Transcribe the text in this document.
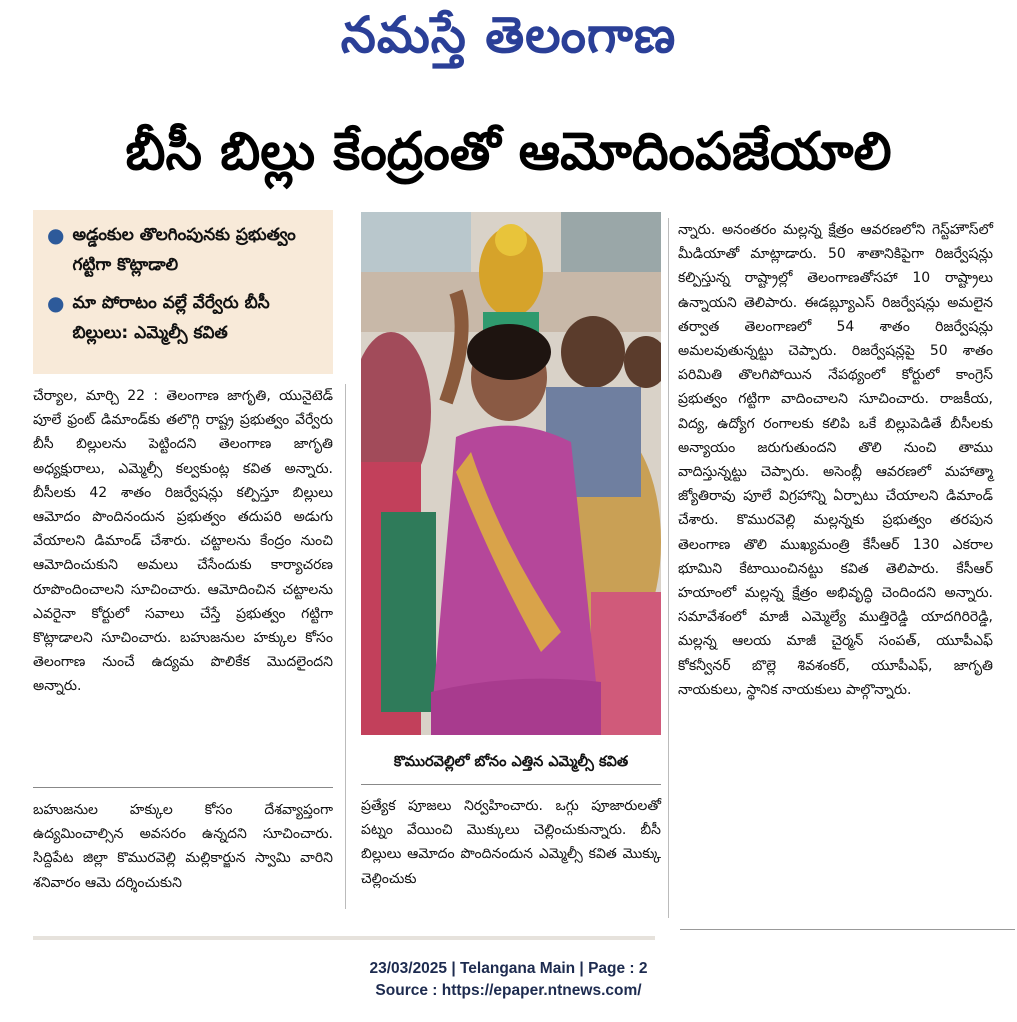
నమస్తే తెలంగాణ
బీసీ బిల్లు కేంద్రంతో ఆమోదింపజేయాలి
● అడ్డంకుల తొలగింపునకు ప్రభుత్వం గట్టిగా కొట్లాడాలి
● మా పోరాటం వల్లే వేర్వేరు బీసీ బిల్లులు: ఎమ్మెల్సీ కవిత

చేర్యాల, మార్చి 22 : తెలంగాణ జాగృతి, యునైటెడ్ పూలే ఫ్రంట్ డిమాండ్‌కు తలొగ్గి రాష్ట్ర ప్రభుత్వం వేర్వేరు బీసీ బిల్లులను పెట్టిందని తెలంగాణ జాగృతి అధ్యక్షురాలు, ఎమ్మెల్సీ కల్వకుంట్ల కవిత అన్నారు. బీసీలకు 42 శాతం రిజర్వేషన్లు కల్పిస్తూ బిల్లులు ఆమోదం పొందినందున ప్రభుత్వం తదుపరి అడుగు వేయాలని డిమాండ్ చేశారు. చట్టాలను కేంద్రం నుంచి ఆమోదించుకుని అమలు చేసేందుకు కార్యాచరణ రూపొందించాలని సూచించారు. ఆమోదించిన చట్టాలను ఎవరైనా కోర్టులో సవాలు చేస్తే ప్రభుత్వం గట్టిగా కొట్లాడాలని సూచించారు. బహుజనుల హక్కుల కోసం తెలంగాణ నుంచే ఉద్యమ పొలికేక మొదలైందని అన్నారు.

బహుజనుల హక్కుల కోసం దేశవ్యాప్తంగా ఉద్యమించాల్సిన అవసరం ఉన్నదని సూచించారు. సిద్దిపేట జిల్లా కొమురవెల్లి మల్లికార్జున స్వామి వారిని శనివారం ఆమె దర్శించుకుని

కొమురవెల్లిలో బోనం ఎత్తిన ఎమ్మెల్సీ కవిత

ప్రత్యేక పూజలు నిర్వహించారు. ఒగ్గు పూజారులతో పట్నం వేయించి మొక్కులు చెల్లించుకున్నారు. బీసీ బిల్లులు ఆమోదం పొందినందున ఎమ్మెల్సీ కవిత మొక్కు చెల్లించుకు

న్నారు. అనంతరం మల్లన్న క్షేత్రం ఆవరణలోని గెస్ట్‌హౌస్‌లో మీడియాతో మాట్లాడారు. 50 శాతానికిపైగా రిజర్వేషన్లు కల్పిస్తున్న రాష్ట్రాల్లో తెలంగాణతోసహా 10 రాష్ట్రాలు ఉన్నాయని తెలిపారు. ఈడబ్ల్యూఎస్ రిజర్వేషన్లు అమలైన తర్వాత తెలంగాణలో 54 శాతం రిజర్వేషన్లు అమలవుతున్నట్టు చెప్పారు. రిజర్వేషన్లపై 50 శాతం పరిమితి తొలగిపోయిన నేపథ్యంలో కోర్టులో కాంగ్రెస్ ప్రభుత్వం గట్టిగా వాదించాలని సూచించారు. రాజకీయ, విద్య, ఉద్యోగ రంగాలకు కలిపి ఒకే బిల్లుపెడితే బీసీలకు అన్యాయం జరుగుతుందని తొలి నుంచి తాము వాదిస్తున్నట్టు చెప్పారు. అసెంబ్లీ ఆవరణలో మహాత్మా జ్యోతిరావు పూలే విగ్రహాన్ని ఏర్పాటు చేయాలని డిమాండ్ చేశారు. కొమురవెల్లి మల్లన్నకు ప్రభుత్వం తరపున తెలంగాణ తొలి ముఖ్యమంత్రి కేసీఆర్ 130 ఎకరాల భూమిని కేటాయించినట్టు కవిత తెలిపారు. కేసీఆర్ హయాంలో మల్లన్న క్షేత్రం అభివృద్ధి చెందిందని అన్నారు. సమావేశంలో మాజీ ఎమ్మెల్యే ముత్తిరెడ్డి యాదగిరిరెడ్డి, మల్లన్న ఆలయ మాజీ చైర్మన్ సంపత్, యూపీఎఫ్ కోకన్వీనర్ బొల్లె శివశంకర్, యూపీఎఫ్, జాగృతి నాయకులు, స్థానిక నాయకులు పాల్గొన్నారు.

23/03/2025 | Telangana Main | Page : 2
Source : https://epaper.ntnews.com/
